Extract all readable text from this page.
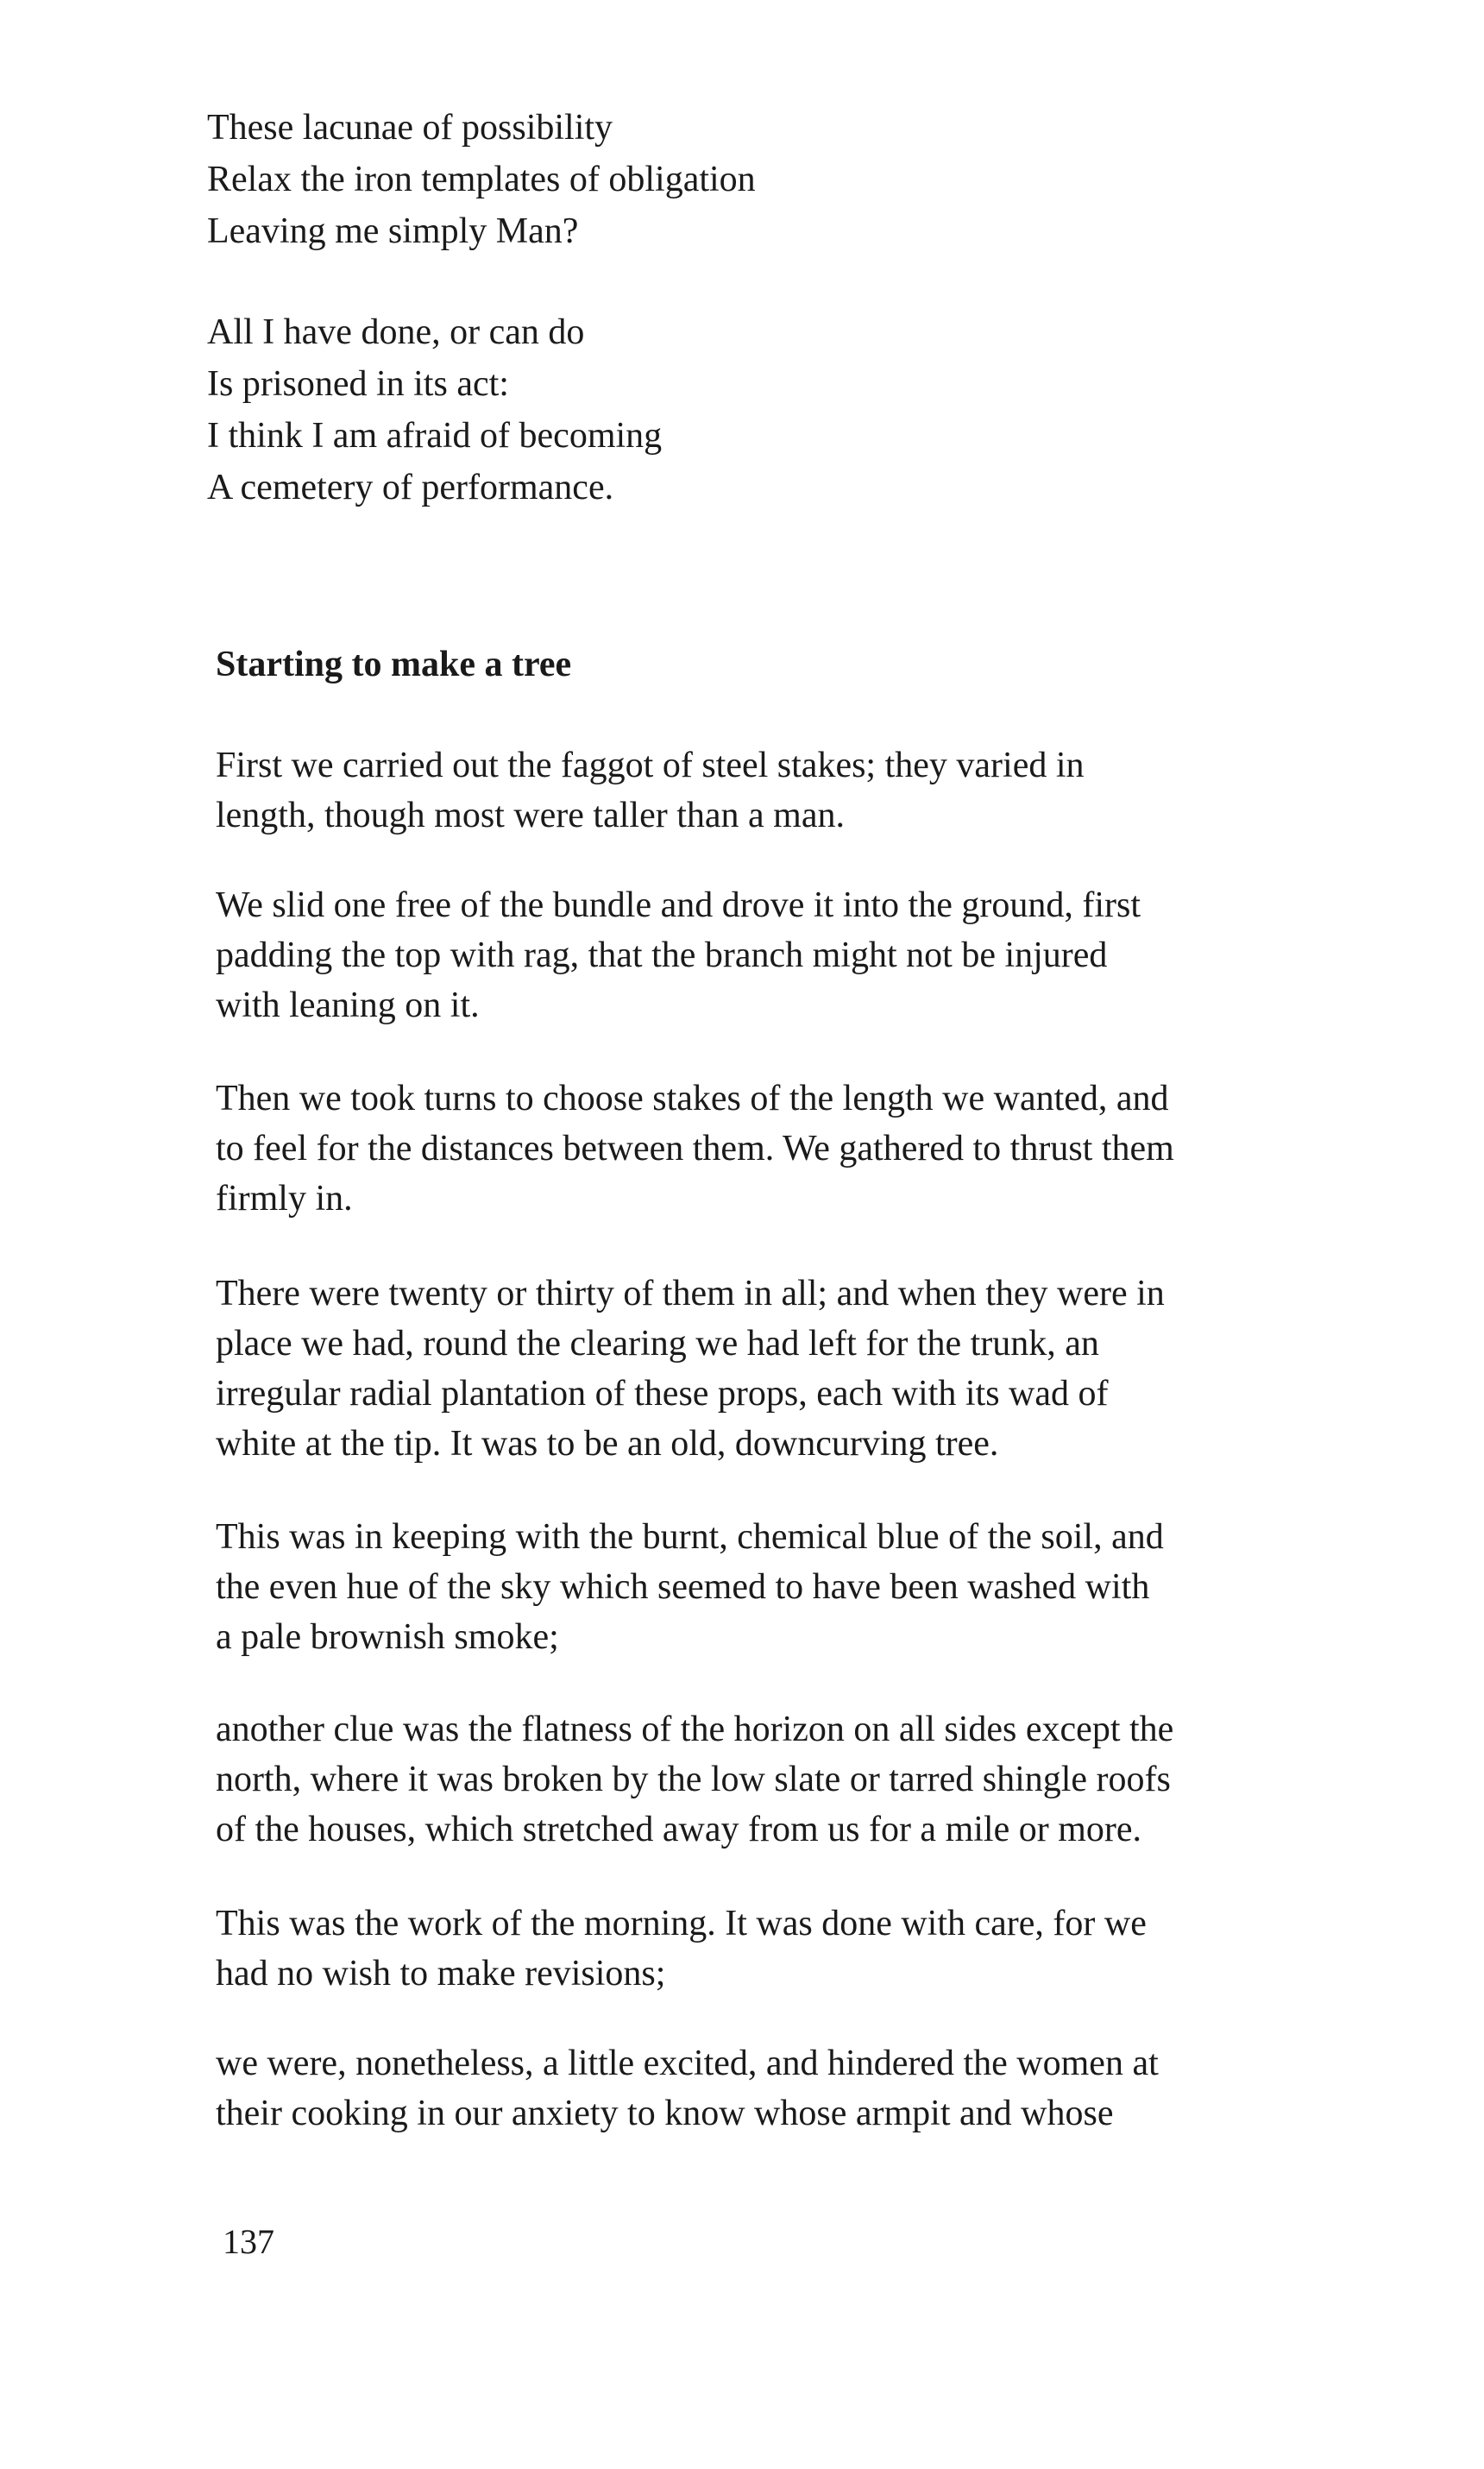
These lacunae of possibility
Relax the iron templates of obligation
Leaving me simply Man?
All I have done, or can do
Is prisoned in its act:
I think I am afraid of becoming
A cemetery of performance.
Starting to make a tree

First we carried out the faggot of steel stakes; they varied in
length, though most were taller than a man.

We slid one free of the bundle and drove it into the ground, first
padding the top with rag, that the branch might not be injured
with leaning on it.

Then we took turns to choose stakes of the length we wanted, and
to feel for the distances between them. We gathered to thrust them
firmly in.

There were twenty or thirty of them in all; and when they were in
place we had, round the clearing we had left for the trunk, an
irregular radial plantation of these props, each with its wad of
white at the tip. It was to be an old, downcurving tree.

This was in keeping with the burnt, chemical blue of the soil, and
the even hue of the sky which seemed to have been washed with
a pale brownish smoke;

another clue was the flatness of the horizon on all sides except the
north, where it was broken by the low slate or tarred shingle roofs
of the houses, which stretched away from us for a mile or more.

This was the work of the morning. It was done with care, for we
had no wish to make revisions;

we were, nonetheless, a little excited, and hindered the women at
their cooking in our anxiety to know whose armpit and whose

137
